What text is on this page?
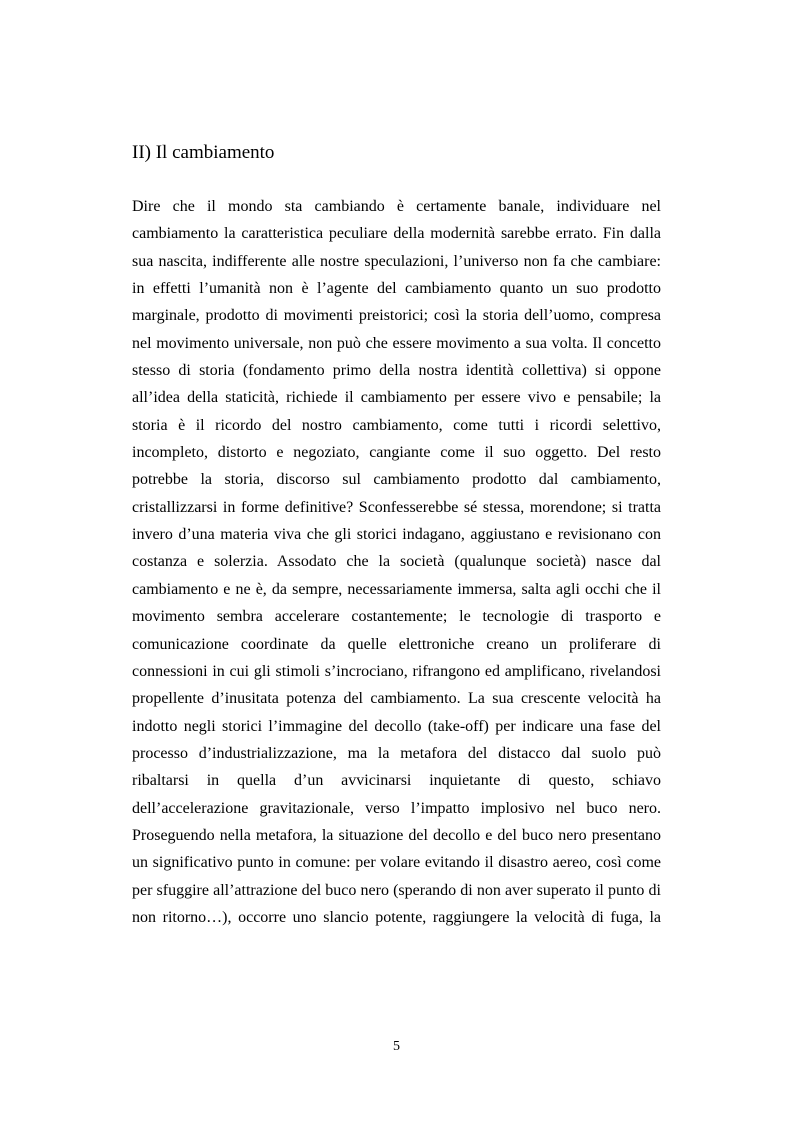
II) Il cambiamento
Dire che il mondo sta cambiando è certamente banale, individuare nel
cambiamento la caratteristica peculiare della modernità sarebbe errato. Fin dalla
sua nascita, indifferente alle nostre speculazioni, l’universo non fa che cambiare:
in effetti l’umanità non è l’agente del cambiamento quanto un suo prodotto
marginale, prodotto di movimenti preistorici; così la storia dell’uomo, compresa
nel movimento universale, non può che essere movimento a sua volta. Il concetto
stesso di storia (fondamento primo della nostra identità collettiva) si oppone
all’idea della staticità, richiede il cambiamento per essere vivo e pensabile; la
storia è il ricordo del nostro cambiamento, come tutti i ricordi selettivo,
incompleto, distorto e negoziato, cangiante come il suo oggetto. Del resto
potrebbe la storia, discorso sul cambiamento prodotto dal cambiamento,
cristallizzarsi in forme definitive? Sconfesserebbe sé stessa, morendone; si tratta
invero d’una materia viva che gli storici indagano, aggiustano e revisionano con
costanza e solerzia. Assodato che la società (qualunque società) nasce dal
cambiamento e ne è, da sempre, necessariamente immersa, salta agli occhi che il
movimento sembra accelerare costantemente; le tecnologie di trasporto e
comunicazione coordinate da quelle elettroniche creano un proliferare di
connessioni in cui gli stimoli s’incrociano, rifrangono ed amplificano, rivelandosi
propellente d’inusitata potenza del cambiamento. La sua crescente velocità ha
indotto negli storici l’immagine del decollo (take-off) per indicare una fase del
processo d’industrializzazione, ma la metafora del distacco dal suolo può
ribaltarsi in quella d’un avvicinarsi inquietante di questo, schiavo
dell’accelerazione gravitazionale, verso l’impatto implosivo nel buco nero.
Proseguendo nella metafora, la situazione del decollo e del buco nero presentano
un significativo punto in comune: per volare evitando il disastro aereo, così come
per sfuggire all’attrazione del buco nero (sperando di non aver superato il punto di
non ritorno…), occorre uno slancio potente, raggiungere la velocità di fuga, la
5
